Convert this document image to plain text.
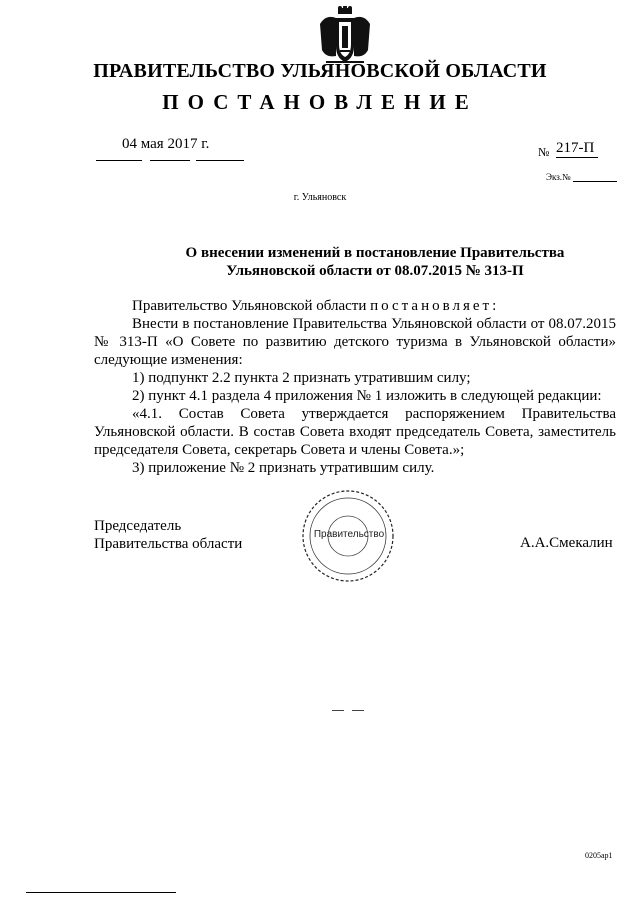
ПРАВИТЕЛЬСТВО УЛЬЯНОВСКОЙ ОБЛАСТИ
ПОСТАНОВЛЕНИЕ
04 мая 2017 г.	№ 217-П
Экз.№
г. Ульяновск
О внесении изменений в постановление Правительства
Ульяновской области от 08.07.2015 № 313-П

Правительство Ульяновской области постановляет:

Внести в постановление Правительства Ульяновской области от 08.07.2015 № 313-П «О Совете по развитию детского туризма в Ульяновской области» следующие изменения:

1) подпункт 2.2 пункта 2 признать утратившим силу;

2) пункт 4.1 раздела 4 приложения № 1 изложить в следующей редакции:

«4.1. Состав Совета утверждается распоряжением Правительства Ульяновской области. В состав Совета входят председатель Совета, заместитель председателя Совета, секретарь Совета и члены Совета.»;

3) приложение № 2 признать утратившим силу.

Председатель
Правительства области
Правительство
А.А.Смекалин
0205ap1
